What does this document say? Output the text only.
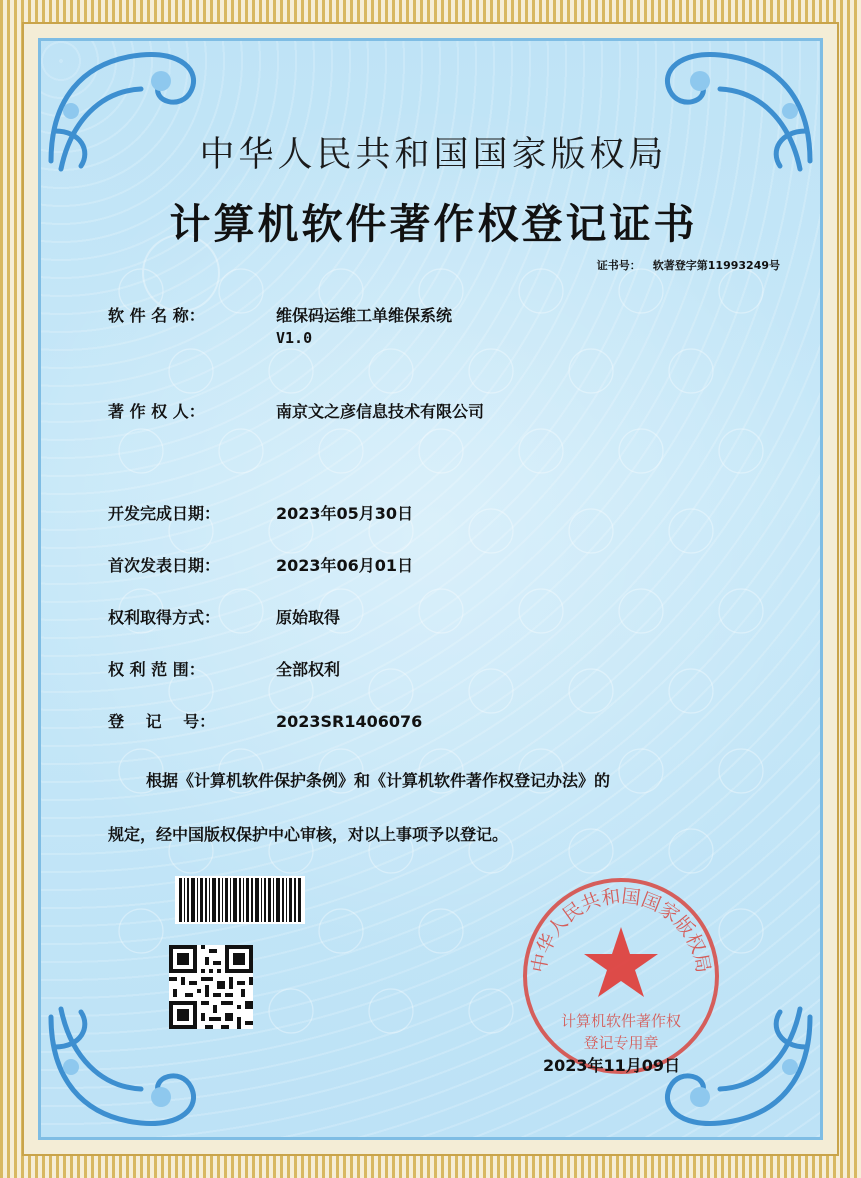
中华人民共和国国家版权局
计算机软件著作权登记证书
证书号： 软著登字第11993249号
软 件 名 称：	维保码运维工单维保系统
V1.0
著 作 权 人：	南京文之彦信息技术有限公司
开发完成日期：	2023年05月30日
首次发表日期：	2023年06月01日
权利取得方式：	原始取得
权 利 范 围：	全部权利
登　 记　 号：	2023SR1406076
根据《计算机软件保护条例》和《计算机软件著作权登记办法》的
规定，经中国版权保护中心审核，对以上事项予以登记。
中华人民共和国国家版权局
计算机软件著作权
登记专用章
2023年11月09日
